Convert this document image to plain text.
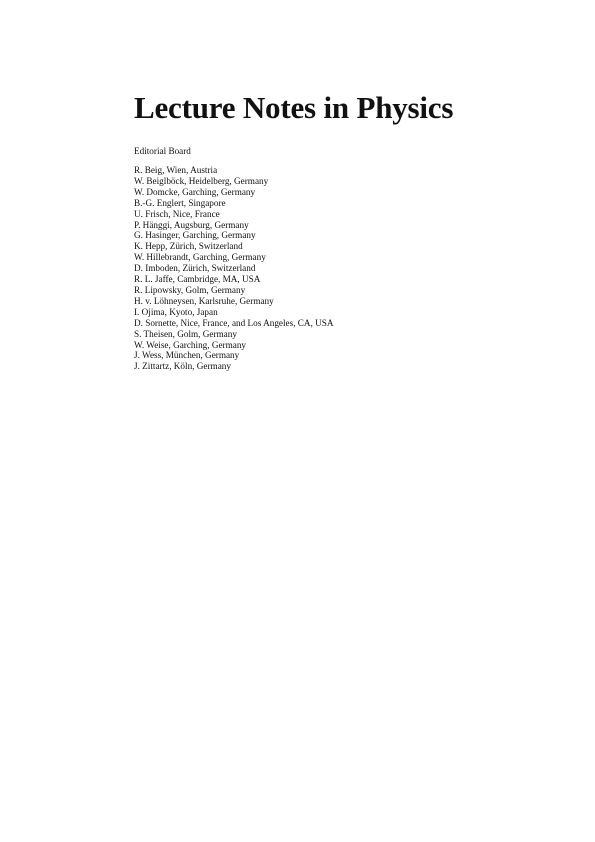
Lecture Notes in Physics
Editorial Board
R. Beig, Wien, Austria
W. Beiglböck, Heidelberg, Germany
W. Domcke, Garching, Germany
B.-G. Englert, Singapore
U. Frisch, Nice, France
P. Hänggi, Augsburg, Germany
G. Hasinger, Garching, Germany
K. Hepp, Zürich, Switzerland
W. Hillebrandt, Garching, Germany
D. Imboden, Zürich, Switzerland
R. L. Jaffe, Cambridge, MA, USA
R. Lipowsky, Golm, Germany
H. v. Löhneysen, Karlsruhe, Germany
I. Ojima, Kyoto, Japan
D. Sornette, Nice, France, and Los Angeles, CA, USA
S. Theisen, Golm, Germany
W. Weise, Garching, Germany
J. Wess, München, Germany
J. Zittartz, Köln, Germany
